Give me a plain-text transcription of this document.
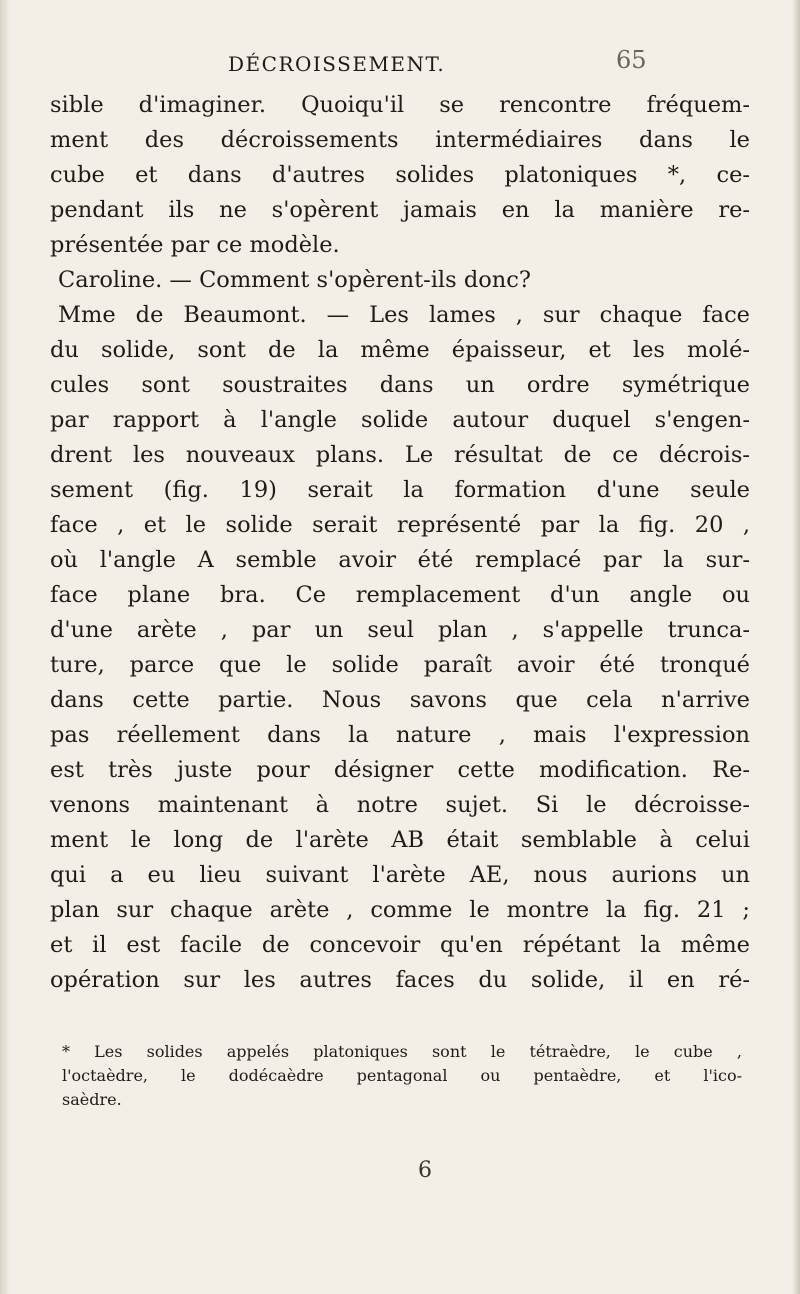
DÉCROISSEMENT.	65
sible d'imaginer. Quoiqu'il se rencontre fréquem-
ment des décroissements intermédiaires dans le
cube et dans d'autres solides platoniques *, ce-
pendant ils ne s'opèrent jamais en la manière re-
présentée par ce modèle.
Caroline. — Comment s'opèrent-ils donc?
Mme de Beaumont. — Les lames , sur chaque face
du solide, sont de la même épaisseur, et les molé-
cules sont soustraites dans un ordre symétrique
par rapport à l'angle solide autour duquel s'engen-
drent les nouveaux plans. Le résultat de ce décrois-
sement (fig. 19) serait la formation d'une seule
face , et le solide serait représenté par la fig. 20 ,
où l'angle A semble avoir été remplacé par la sur-
face plane bra. Ce remplacement d'un angle ou
d'une arète , par un seul plan , s'appelle trunca-
ture, parce que le solide paraît avoir été tronqué
dans cette partie. Nous savons que cela n'arrive
pas réellement dans la nature , mais l'expression
est très juste pour désigner cette modification. Re-
venons maintenant à notre sujet. Si le décroisse-
ment le long de l'arète AB était semblable à celui
qui a eu lieu suivant l'arète AE, nous aurions un
plan sur chaque arète , comme le montre la fig. 21 ;
et il est facile de concevoir qu'en répétant la même
opération sur les autres faces du solide, il en ré-
* Les solides appelés platoniques sont le tétraèdre, le cube ,
l'octaèdre, le dodécaèdre pentagonal ou pentaèdre, et l'ico-
saèdre.
6
